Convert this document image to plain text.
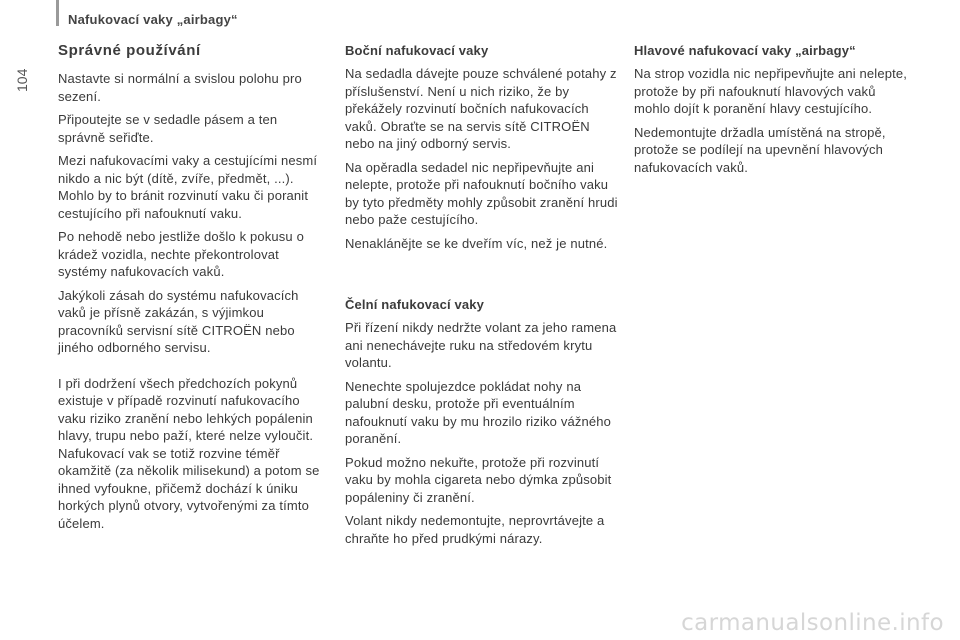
Nafukovací vaky „airbagy“
104
Správné používání

Nastavte si normální a svislou polohu pro sezení.

Připoutejte se v sedadle pásem a ten správně seřiďte.

Mezi nafukovacími vaky a cestujícími nesmí nikdo a nic být (dítě, zvíře, předmět, ...). Mohlo by to bránit rozvinutí vaku či poranit cestujícího při nafouknutí vaku.

Po nehodě nebo jestliže došlo k pokusu o krádež vozidla, nechte překontrolovat systémy nafukovacích vaků.

Jakýkoli zásah do systému nafukovacích vaků je přísně zakázán, s výjimkou pracovníků servisní sítě CITROËN nebo jiného odborného servisu.

I při dodržení všech předchozích pokynů existuje v případě rozvinutí nafukovacího vaku riziko zranění nebo lehkých popálenin hlavy, trupu nebo paží, které nelze vyloučit. Nafukovací vak se totiž rozvine téměř okamžitě (za několik milisekund) a potom se ihned vyfoukne, přičemž dochází k úniku horkých plynů otvory, vytvořenými za tímto účelem.

Boční nafukovací vaky

Na sedadla dávejte pouze schválené potahy z příslušenství. Není u nich riziko, že by překážely rozvinutí bočních nafukovacích vaků. Obraťte se na servis sítě CITROËN nebo na jiný odborný servis.

Na opěradla sedadel nic nepřipevňujte ani nelepte, protože při nafouknutí bočního vaku by tyto předměty mohly způsobit zranění hrudi nebo paže cestujícího.

Nenaklánějte se ke dveřím víc, než je nutné.

Čelní nafukovací vaky

Při řízení nikdy nedržte volant za jeho ramena ani nenechávejte ruku na středovém krytu volantu.

Nenechte spolujezdce pokládat nohy na palubní desku, protože při eventuálním nafouknutí vaku by mu hrozilo riziko vážného poranění.

Pokud možno nekuřte, protože při rozvinutí vaku by mohla cigareta nebo dýmka způsobit popáleniny či zranění.

Volant nikdy nedemontujte, neprovrtávejte a chraňte ho před prudkými nárazy.

Hlavové nafukovací vaky „airbagy“

Na strop vozidla nic nepřipevňujte ani nelepte, protože by při nafouknutí hlavových vaků mohlo dojít k poranění hlavy cestujícího.

Nedemontujte držadla umístěná na stropě, protože se podílejí na upevnění hlavových nafukovacích vaků.

carmanualsonline.info
